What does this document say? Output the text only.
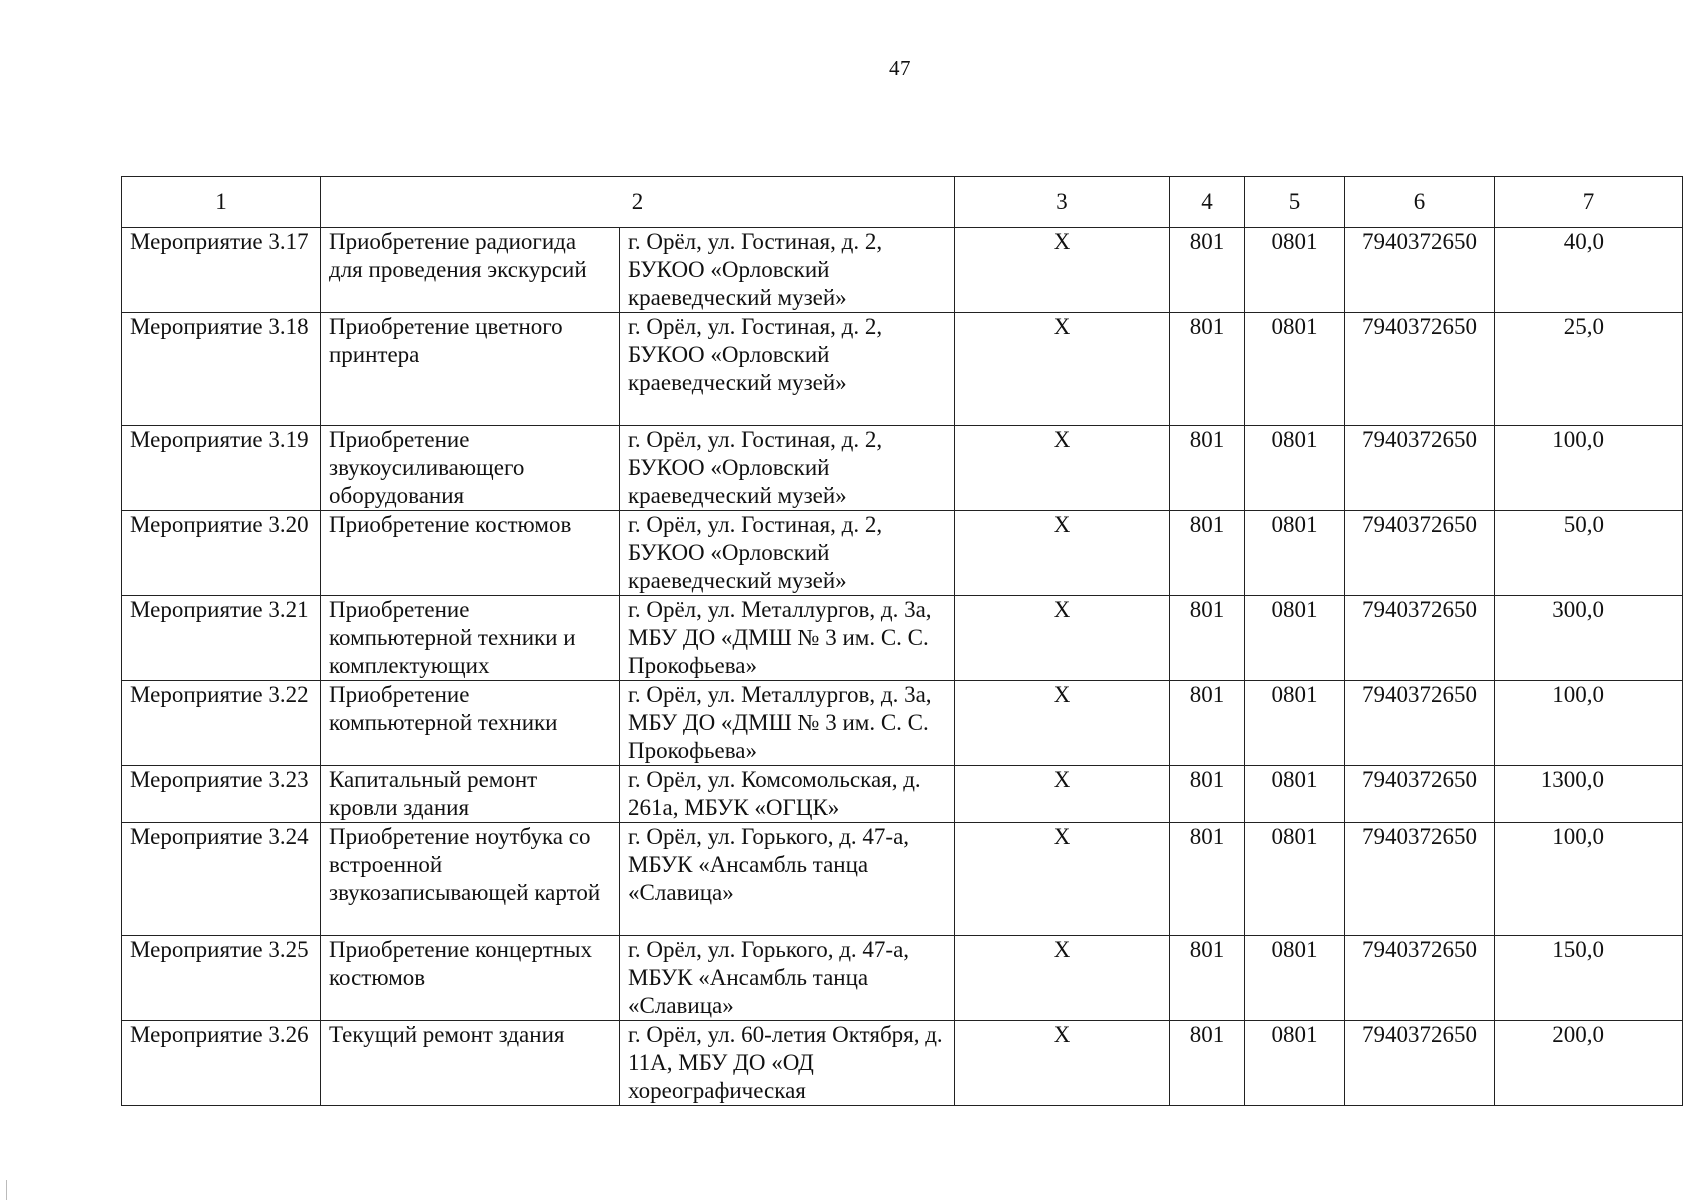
47
1	2		3	4	5	6	7
Мероприятие 3.17	Приобретение радиогида для проведения экскурсий	г. Орёл, ул. Гостиная, д. 2, БУКОО «Орловский краеведческий музей»	Х	801	0801	7940372650	40,0
Мероприятие 3.18	Приобретение цветного принтера	г. Орёл, ул. Гостиная, д. 2, БУКОО «Орловский краеведческий музей»	Х	801	0801	7940372650	25,0
Мероприятие 3.19	Приобретение звукоусиливающего оборудования	г. Орёл, ул. Гостиная, д. 2, БУКОО «Орловский краеведческий музей»	Х	801	0801	7940372650	100,0
Мероприятие 3.20	Приобретение костюмов	г. Орёл, ул. Гостиная, д. 2, БУКОО «Орловский краеведческий музей»	Х	801	0801	7940372650	50,0
Мероприятие 3.21	Приобретение компьютерной техники и комплектующих	г. Орёл, ул. Металлургов, д. 3а, МБУ ДО «ДМШ № 3 им. С. С. Прокофьева»	Х	801	0801	7940372650	300,0
Мероприятие 3.22	Приобретение компьютерной техники	г. Орёл, ул. Металлургов, д. 3а, МБУ ДО «ДМШ № 3 им. С. С. Прокофьева»	Х	801	0801	7940372650	100,0
Мероприятие 3.23	Капитальный ремонт кровли здания	г. Орёл, ул. Комсомольская, д. 261а, МБУК «ОГЦК»	Х	801	0801	7940372650	1300,0
Мероприятие 3.24	Приобретение ноутбука со встроенной звукозаписывающей картой	г. Орёл, ул. Горького, д. 47-а, МБУК «Ансамбль танца «Славица»	Х	801	0801	7940372650	100,0
Мероприятие 3.25	Приобретение концертных костюмов	г. Орёл, ул. Горького, д. 47-а, МБУК «Ансамбль танца «Славица»	Х	801	0801	7940372650	150,0
Мероприятие 3.26	Текущий ремонт здания	г. Орёл, ул. 60-летия Октября, д. 11А, МБУ ДО «ОД хореографическая	Х	801	0801	7940372650	200,0
